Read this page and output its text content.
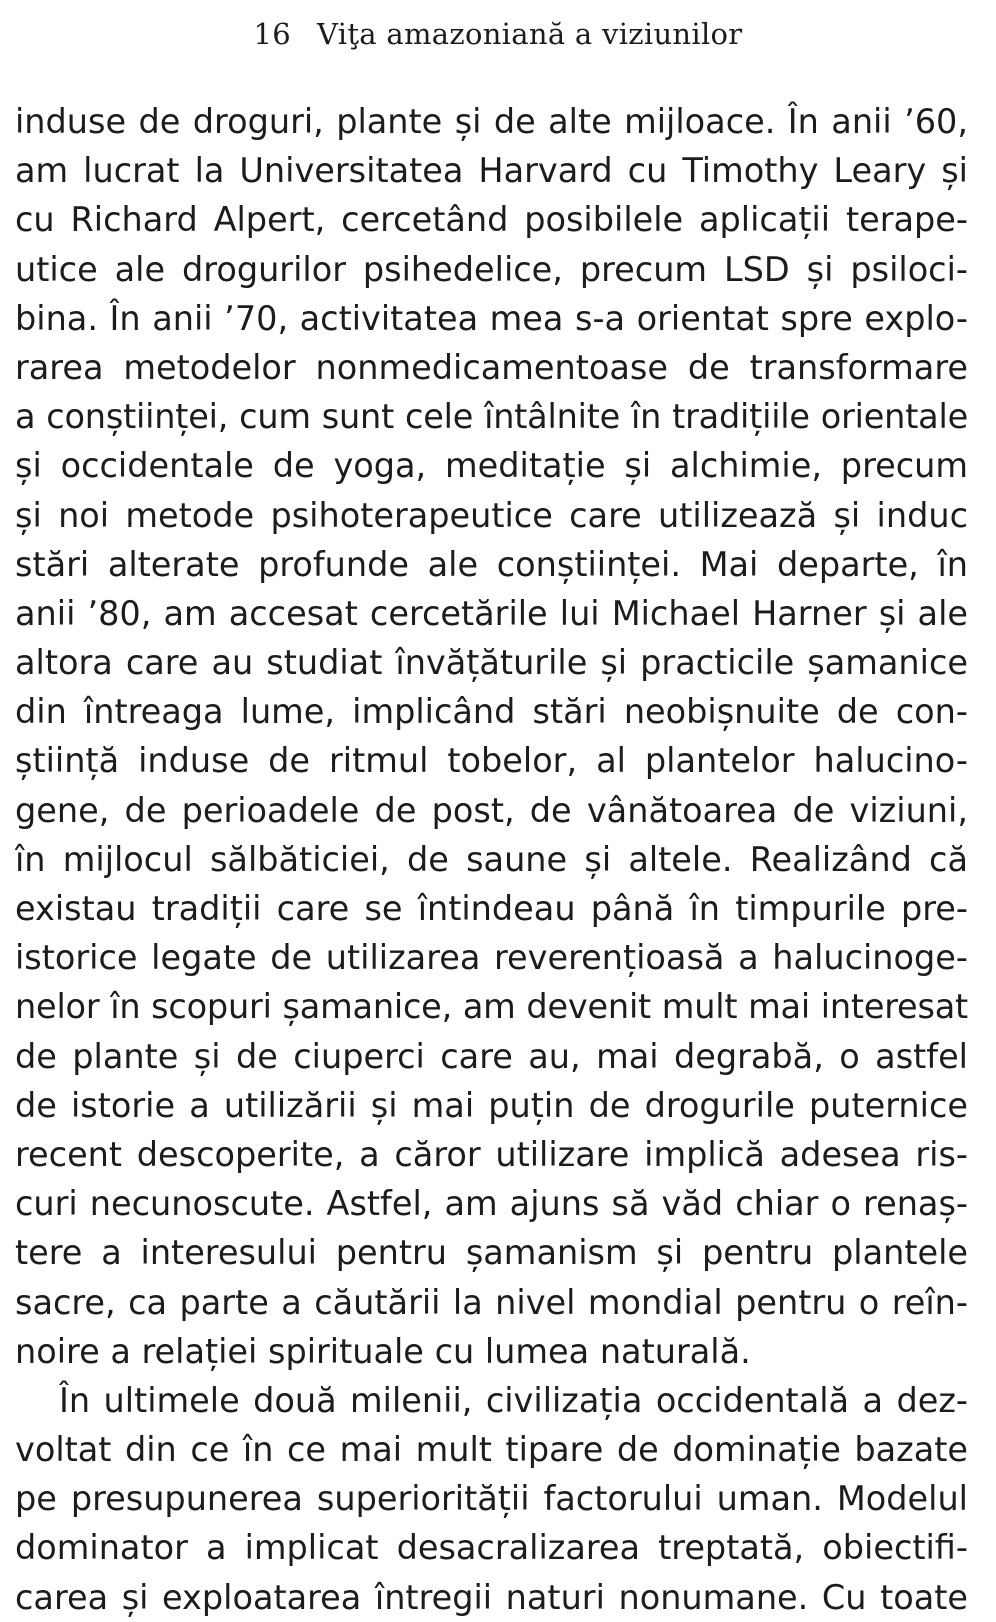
16 Viţa amazoniană a viziunilor

induse de droguri, plante și de alte mijloace. În anii ’60,
am lucrat la Universitatea Harvard cu Timothy Leary și
cu Richard Alpert, cercetând posibilele aplicații terape-
utice ale drogurilor psihedelice, precum LSD și psiloci-
bina. În anii ’70, activitatea mea s-a orientat spre explo-
rarea metodelor nonmedicamentoase de transformare
a conștiinței, cum sunt cele întâlnite în tradițiile orientale
și occidentale de yoga, meditație și alchimie, precum
și noi metode psihoterapeutice care utilizează și induc
stări alterate profunde ale conștiinței. Mai departe, în
anii ’80, am accesat cercetările lui Michael Harner și ale
altora care au studiat învățăturile și practicile șamanice
din întreaga lume, implicând stări neobișnuite de con-
știință induse de ritmul tobelor, al plantelor halucino-
gene, de perioadele de post, de vânătoarea de viziuni,
în mijlocul sălbăticiei, de saune și altele. Realizând că
existau tradiții care se întindeau până în timpurile pre-
istorice legate de utilizarea reverențioasă a halucinoge-
nelor în scopuri șamanice, am devenit mult mai interesat
de plante și de ciuperci care au, mai degrabă, o astfel
de istorie a utilizării și mai puțin de drogurile puternice
recent descoperite, a căror utilizare implică adesea ris-
curi necunoscute. Astfel, am ajuns să văd chiar o renaș-
tere a interesului pentru șamanism și pentru plantele
sacre, ca parte a căutării la nivel mondial pentru o reîn-
noire a relației spirituale cu lumea naturală.

În ultimele două milenii, civilizația occidentală a dez-
voltat din ce în ce mai mult tipare de dominație bazate
pe presupunerea superiorității factorului uman. Modelul
dominator a implicat desacralizarea treptată, obiectifi-
carea și exploatarea întregii naturi nonumane. Cu toate
